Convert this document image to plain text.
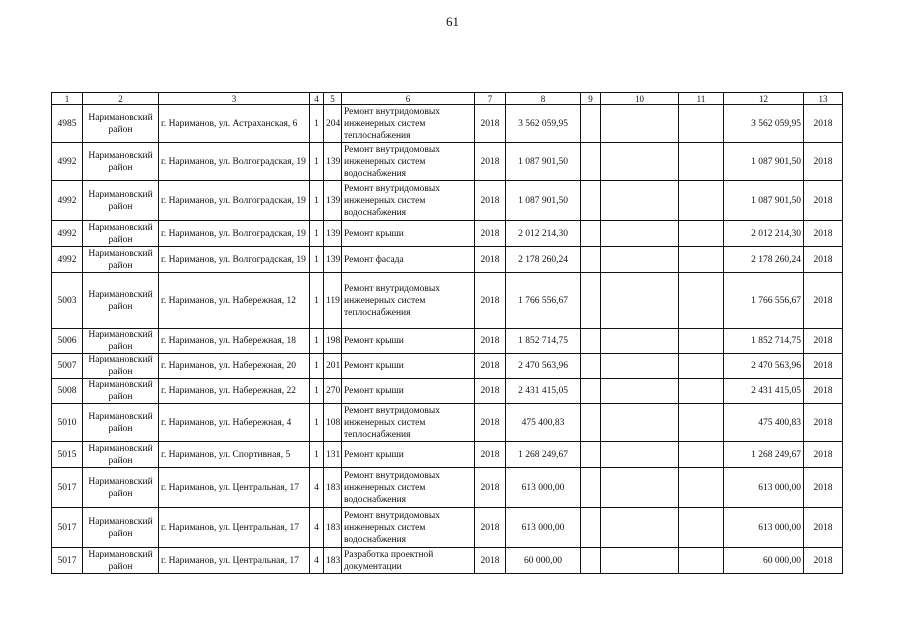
61
1	2	3	4	5	6	7	8	9	10	11	12	13
4985	Наримановский район	г. Нариманов, ул. Астраханская, 6	1	204	Ремонт внутридомовых инженерных систем теплоснабжения	2018	3 562 059,95				3 562 059,95	2018
4992	Наримановский район	г. Нариманов, ул. Волгоградская, 19	1	139	Ремонт внутридомовых инженерных систем водоснабжения	2018	1 087 901,50				1 087 901,50	2018
4992	Наримановский район	г. Нариманов, ул. Волгоградская, 19	1	139	Ремонт внутридомовых инженерных систем водоснабжения	2018	1 087 901,50				1 087 901,50	2018
4992	Наримановский район	г. Нариманов, ул. Волгоградская, 19	1	139	Ремонт крыши	2018	2 012 214,30				2 012 214,30	2018
4992	Наримановский район	г. Нариманов, ул. Волгоградская, 19	1	139	Ремонт фасада	2018	2 178 260,24				2 178 260,24	2018
5003	Наримановский район	г. Нариманов, ул. Набережная, 12	1	119	Ремонт внутридомовых инженерных систем теплоснабжения	2018	1 766 556,67				1 766 556,67	2018
5006	Наримановский район	г. Нариманов, ул. Набережная, 18	1	198	Ремонт крыши	2018	1 852 714,75				1 852 714,75	2018
5007	Наримановский район	г. Нариманов, ул. Набережная, 20	1	201	Ремонт крыши	2018	2 470 563,96				2 470 563,96	2018
5008	Наримановский район	г. Нариманов, ул. Набережная, 22	1	270	Ремонт крыши	2018	2 431 415,05				2 431 415,05	2018
5010	Наримановский район	г. Нариманов, ул. Набережная, 4	1	108	Ремонт внутридомовых инженерных систем теплоснабжения	2018	475 400,83				475 400,83	2018
5015	Наримановский район	г. Нариманов, ул. Спортивная, 5	1	131	Ремонт крыши	2018	1 268 249,67				1 268 249,67	2018
5017	Наримановский район	г. Нариманов, ул. Центральная, 17	4	183	Ремонт внутридомовых инженерных систем водоснабжения	2018	613 000,00				613 000,00	2018
5017	Наримановский район	г. Нариманов, ул. Центральная, 17	4	183	Ремонт внутридомовых инженерных систем водоснабжения	2018	613 000,00				613 000,00	2018
5017	Наримановский район	г. Нариманов, ул. Центральная, 17	4	183	Разработка проектной документации	2018	60 000,00				60 000,00	2018
